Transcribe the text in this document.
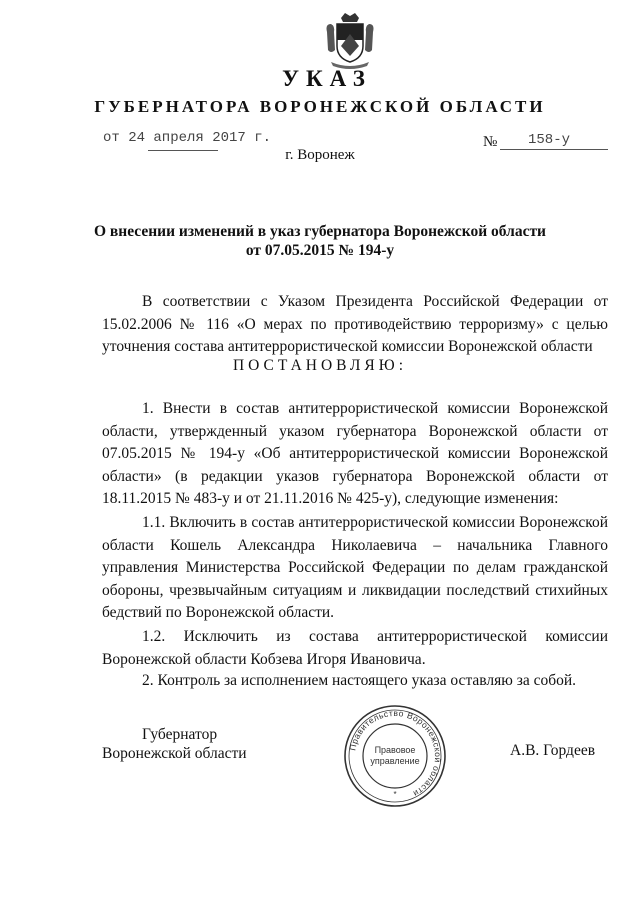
УКАЗ
ГУБЕРНАТОРА ВОРОНЕЖСКОЙ ОБЛАСТИ
от 24 апреля 2017 г.	№ 158-у
г. Воронеж
О внесении изменений в указ губернатора Воронежской области
от 07.05.2015 № 194-у
В соответствии с Указом Президента Российской Федерации от 15.02.2006 № 116 «О мерах по противодействию терроризму» с целью уточнения состава антитеррористической комиссии Воронежской области
ПОСТАНОВЛЯЮ:
1. Внести в состав антитеррористической комиссии Воронежской области, утвержденный указом губернатора Воронежской области от 07.05.2015 № 194-у «Об антитеррористической комиссии Воронежской области» (в редакции указов губернатора Воронежской области от 18.11.2015 № 483-у и от 21.11.2016 № 425-у), следующие изменения:
1.1. Включить в состав антитеррористической комиссии Воронежской области Кошель Александра Николаевича – начальника Главного управления Министерства Российской Федерации по делам гражданской обороны, чрезвычайным ситуациям и ликвидации последствий стихийных бедствий по Воронежской области.
1.2. Исключить из состава антитеррористической комиссии Воронежской области Кобзева Игоря Ивановича.
2. Контроль за исполнением настоящего указа оставляю за собой.
Губернатор
Воронежской области	Правительство Воронежской области
Правовое
управление
*
А.В. Гордеев
